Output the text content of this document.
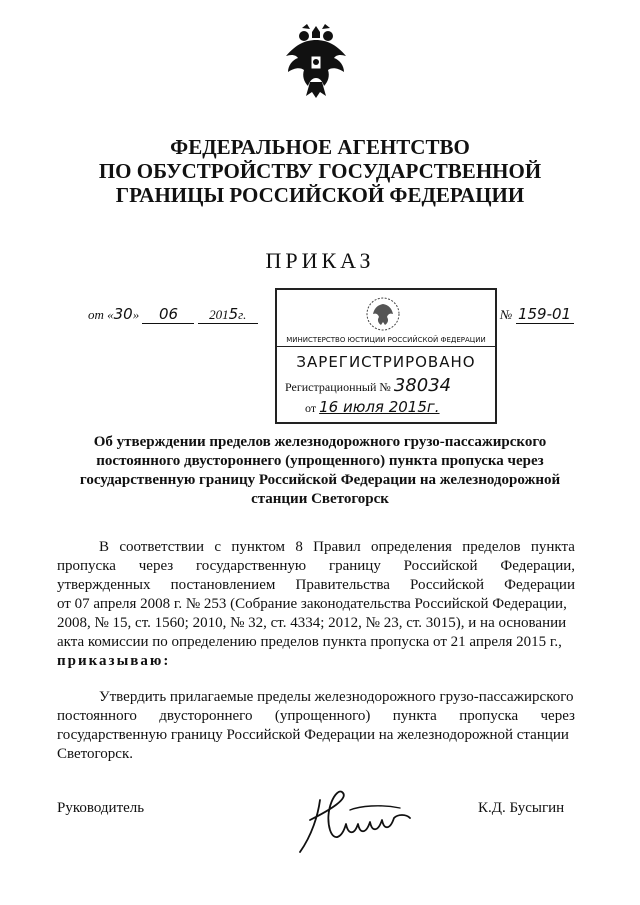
ФЕДЕРАЛЬНОЕ АГЕНТСТВО
ПО ОБУСТРОЙСТВУ ГОСУДАРСТВЕННОЙ
ГРАНИЦЫ РОССИЙСКОЙ ФЕДЕРАЦИИ
ПРИКАЗ
от «30» 06 2015г.	№ 159-01
МИНИСТЕРСТВО ЮСТИЦИИ РОССИЙСКОЙ ФЕДЕРАЦИИ
ЗАРЕГИСТРИРОВАНО
Регистрационный № 38034
от 16 июля 2015г.
Об утверждении пределов железнодорожного грузо-пассажирского
постоянного двустороннего (упрощенного) пункта пропуска через
государственную границу Российской Федерации на железнодорожной
станции Светогорск
В соответствии с пунктом 8 Правил определения пределов пункта
пропуска через государственную границу Российской Федерации,
утвержденных постановлением Правительства Российской Федерации
от 07 апреля 2008 г. № 253 (Собрание законодательства Российской Федерации,
2008, № 15, ст. 1560; 2010, № 32, ст. 4334; 2012, № 23, ст. 3015), и на основании
акта комиссии по определению пределов пункта пропуска от 21 апреля 2015 г.,
приказываю:
Утвердить прилагаемые пределы железнодорожного грузо-пассажирского
постоянного двустороннего (упрощенного) пункта пропуска через
государственную границу Российской Федерации на железнодорожной станции
Светогорск.
Руководитель	К.Д. Бусыгин
